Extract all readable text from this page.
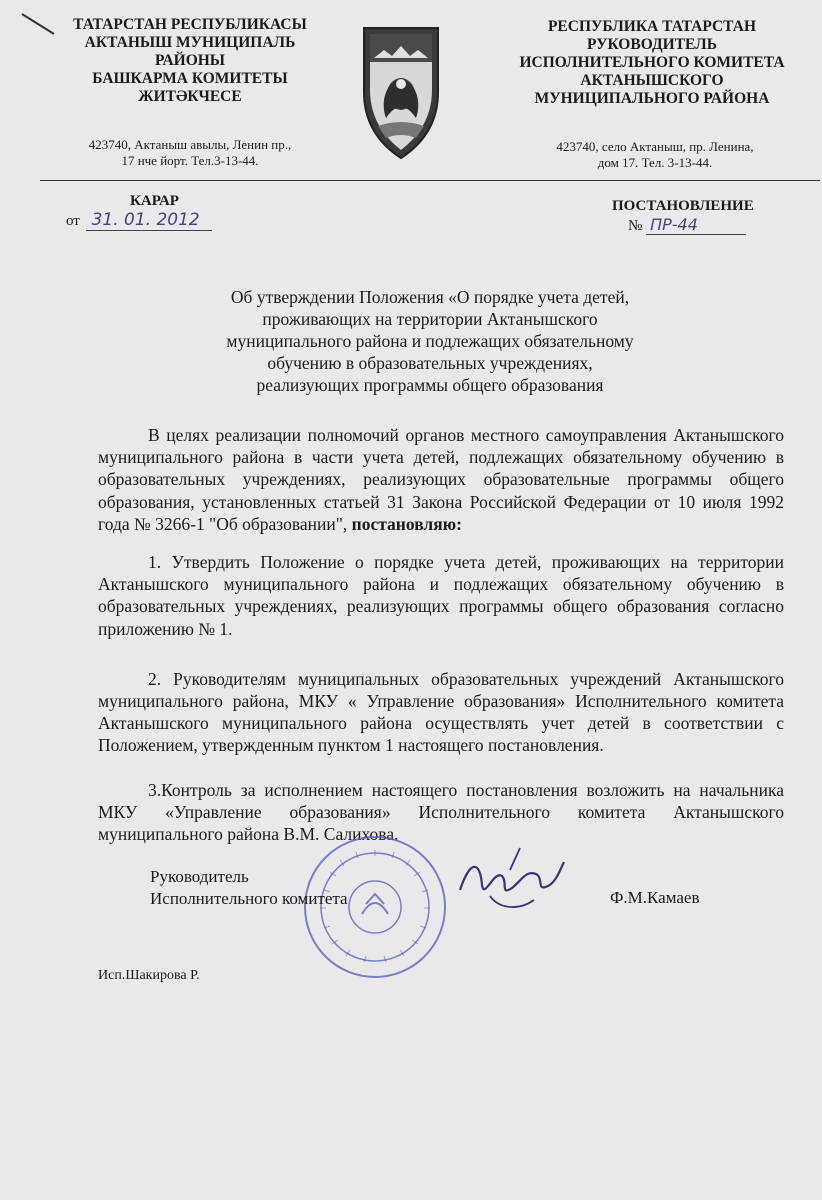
ТАТАРСТАН РЕСПУБЛИКАСЫ
АКТАНЫШ МУНИЦИПАЛЬ
РАЙОНЫ
БАШКАРМА КОМИТЕТЫ
ЖИТӘКЧЕСЕ
423740, Актаныш авылы, Ленин пр.,
17 нче йорт. Тел.3-13-44.
РЕСПУБЛИКА ТАТАРСТАН
РУКОВОДИТЕЛЬ
ИСПОЛНИТЕЛЬНОГО КОМИТЕТА
АКТАНЫШСКОГО
МУНИЦИПАЛЬНОГО РАЙОНА
423740, село Актаныш, пр. Ленина,
дом 17. Тел. 3-13-44.
КАРАР
от 31. 01. 2012
ПОСТАНОВЛЕНИЕ
№ ПР-44
Об утверждении Положения «О порядке учета детей,
проживающих на территории Актанышского
муниципального района и подлежащих обязательному
обучению в образовательных учреждениях,
реализующих программы общего образования

В целях реализации полномочий органов местного самоуправления Актанышского муниципального района в части учета детей, подлежащих обязательному обучению в образовательных учреждениях, реализующих образовательные программы общего образования, установленных статьей 31 Закона Российской Федерации от 10 июля 1992 года № 3266-1 "Об образовании", постановляю:

1. Утвердить Положение о порядке учета детей, проживающих на территории Актанышского муниципального района и подлежащих обязательному обучению в образовательных учреждениях, реализующих программы общего образования согласно приложению № 1.

2. Руководителям муниципальных образовательных учреждений Актанышского муниципального района, МКУ « Управление образования» Исполнительного комитета Актанышского муниципального района осуществлять учет детей в соответствии с Положением, утвержденным пунктом 1 настоящего постановления.

3.Контроль за исполнением настоящего постановления возложить на начальника МКУ «Управление образования» Исполнительного комитета Актанышского муниципального района В.М. Салихова.

Руководитель
Исполнительного комитета	Ф.М.Камаев
Исп.Шакирова Р.
